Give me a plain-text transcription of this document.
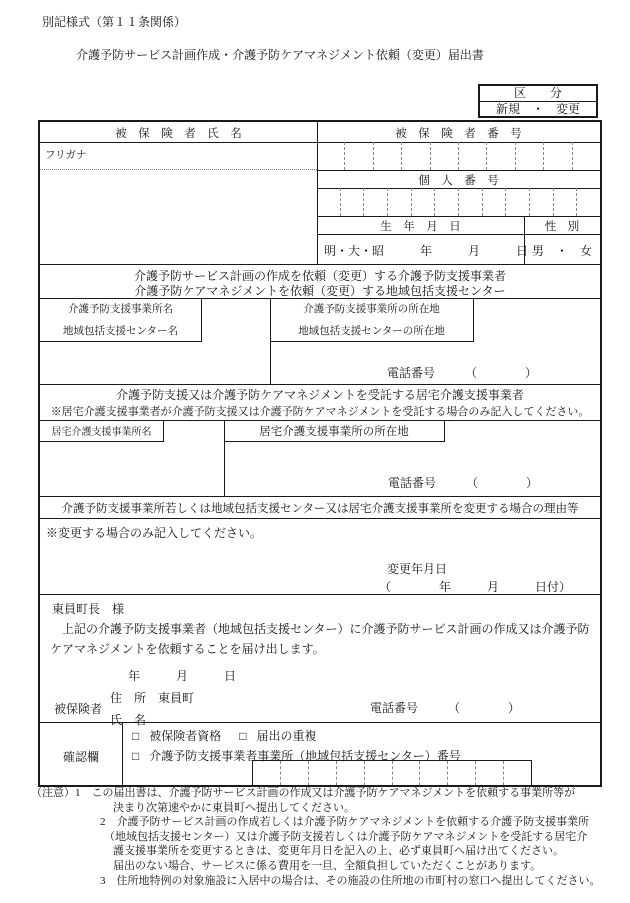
別記様式（第１１条関係）
介護予防サービス計画作成・介護予防ケアマネジメント依頼（変更）届出書
区　　分
新規　・　変更
被　保　険　者　氏　名	被　保　険　者　番　号
フリガナ
個　人　番　号
生　年　月　日	性　別
明・大・昭　　　年　　　月　　　日 男　・　女
介護予防サービス計画の作成を依頼（変更）する介護予防支援事業者
介護予防ケアマネジメントを依頼（変更）する地域包括支援センター
介護予防支援事業所名
地域包括支援センター名
介護予防支援事業所の所在地
地域包括支援センターの所在地
電話番号　　　（　　　　）
介護予防支援又は介護予防ケアマネジメントを受託する居宅介護支援事業者
※居宅介護支援事業者が介護予防支援又は介護予防ケアマネジメントを受託する場合のみ記入してください。
居宅介護支援事業所名	居宅介護支援事業所の所在地
電話番号　　　（　　　　）
介護予防支援事業所若しくは地域包括支援センター又は居宅介護支援事業所を変更する場合の理由等
※変更する場合のみ記入してください。
変更年月日
（　　　　年　　　月　　　日付）
東員町長　様
上記の介護予防支援事業者（地域包括支援センター）に介護予防サービス計画の作成又は介護予防ケアマネジメントを依頼することを届け出します。
年　　　月　　　日
被保険者
住　所　東員町
氏　名
電話番号　　　（　　　　）
確認欄
□ 被保険者資格 □	届出の重複
□ 介護予防支援事業者事業所（地域包括支援センター）番号
（注意）1　この届出書は、介護予防サービス計画の作成又は介護予防ケアマネジメントを依頼する事業所等が
決まり次第速やかに東員町へ提出してください。
2　介護予防サービス計画の作成若しくは介護予防ケアマネジメントを依頼する介護予防支援事業所
（地域包括支援センター）又は介護予防支援若しくは介護予防ケアマネジメントを受託する居宅介
護支援事業所を変更するときは、変更年月日を記入の上、必ず東員町へ届け出てください。
届出のない場合、サービスに係る費用を一旦、全額負担していただくことがあります。
3　住所地特例の対象施設に入居中の場合は、その施設の住所地の市町村の窓口へ提出してください。
